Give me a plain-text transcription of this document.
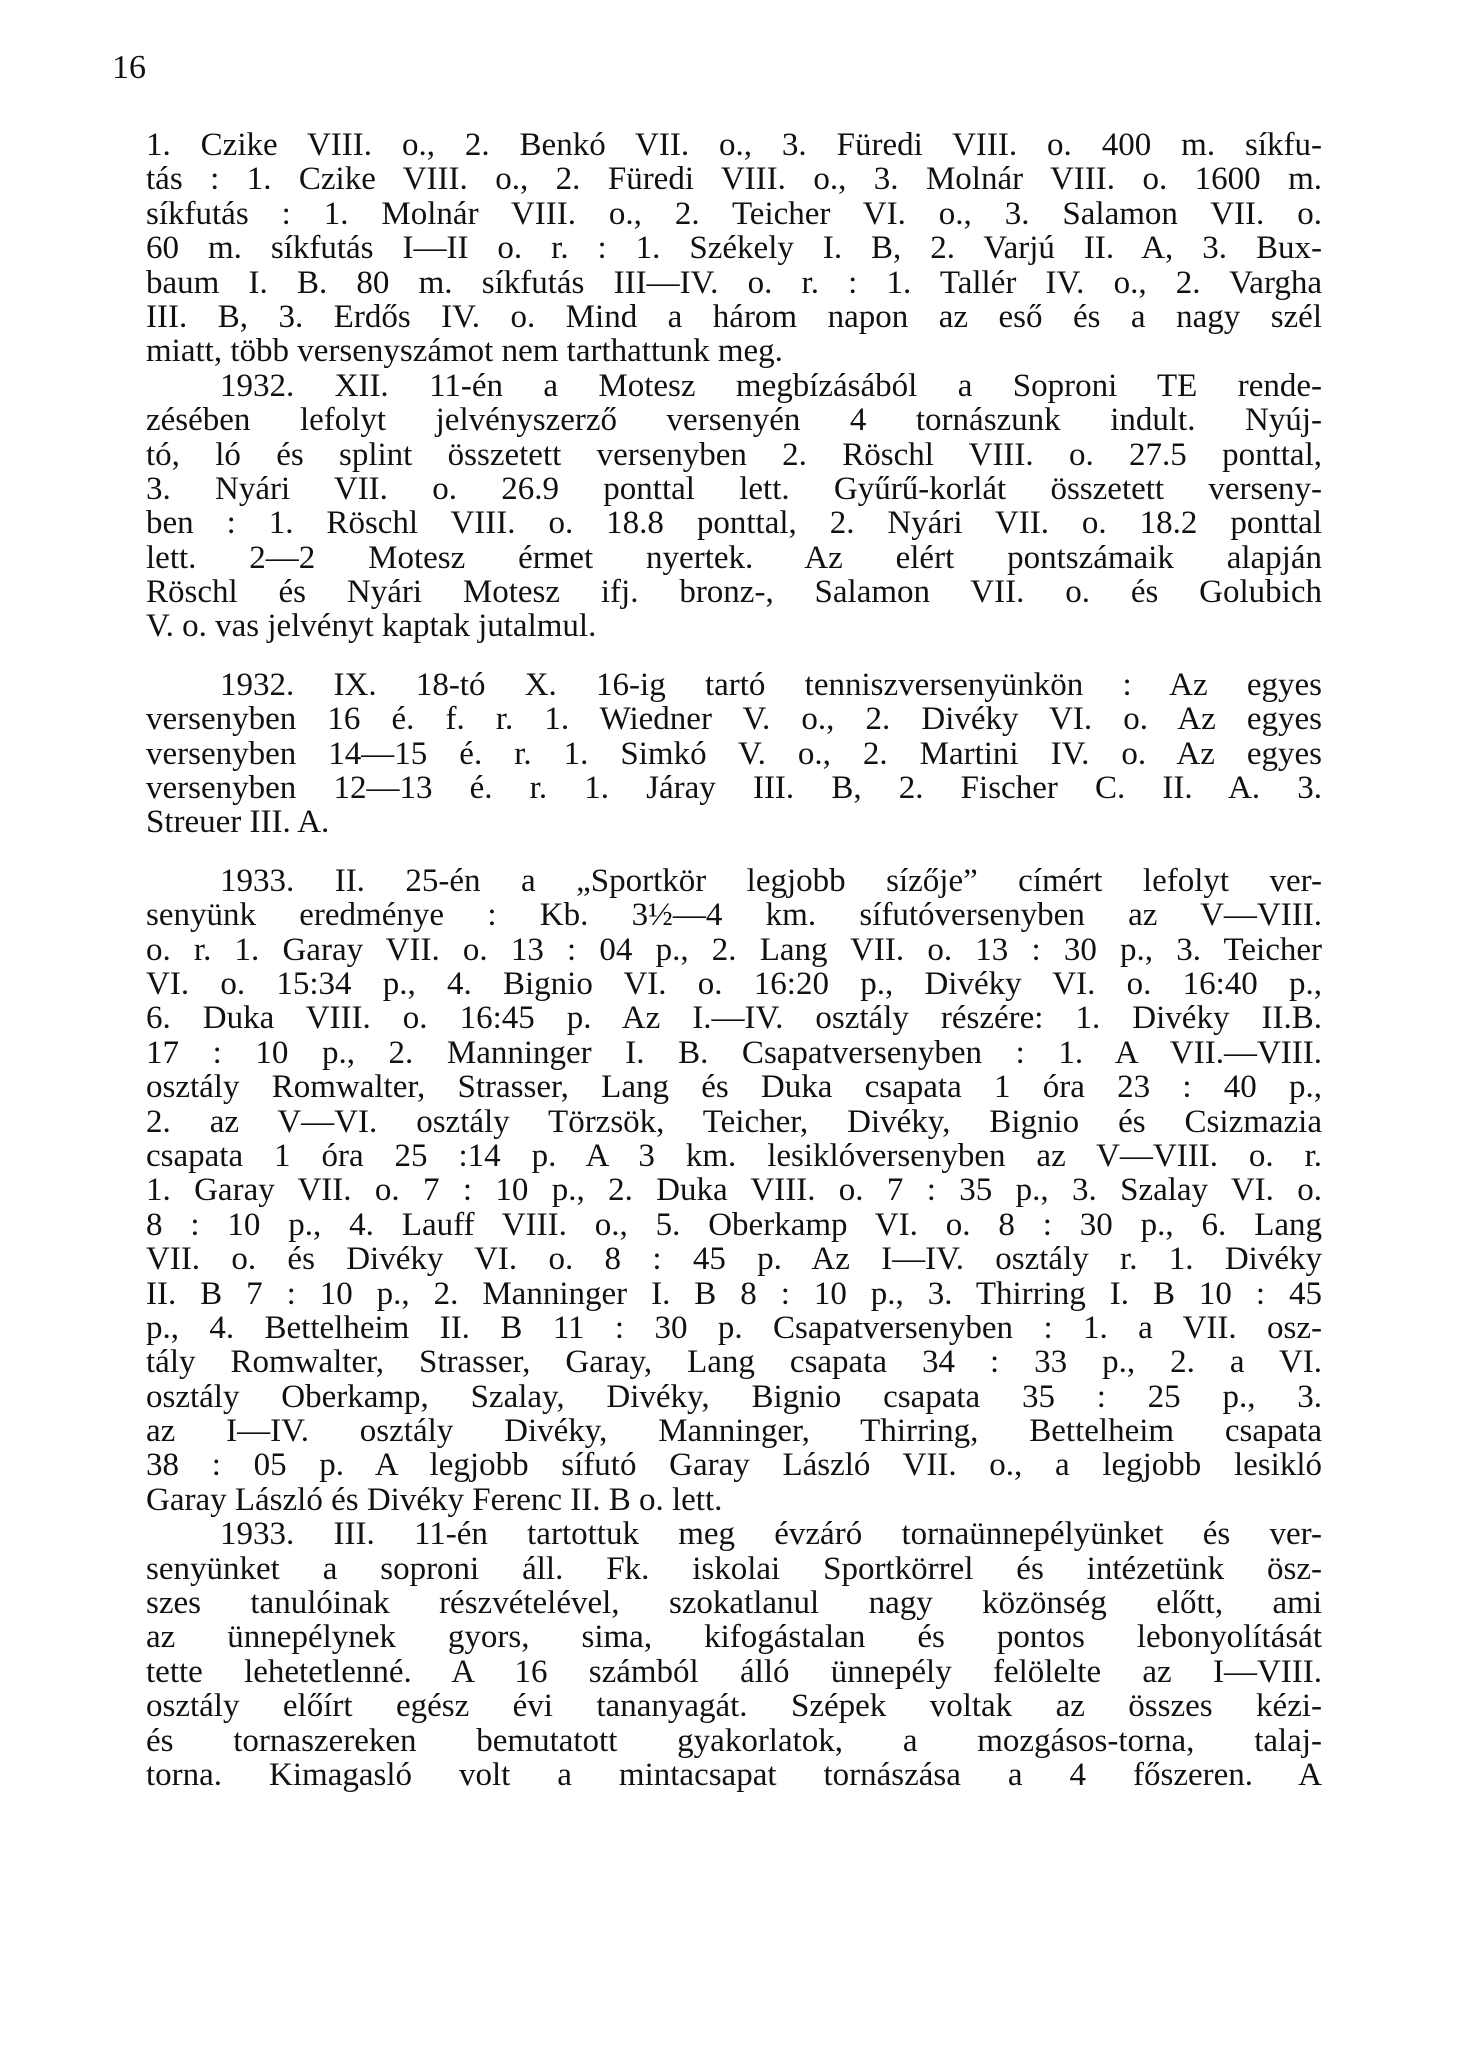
16
1. Czike VIII. o., 2. Benkó VII. o., 3. Füredi VIII. o. 400 m. síkfu-
tás : 1. Czike VIII. o., 2. Füredi VIII. o., 3. Molnár VIII. o. 1600 m.
síkfutás : 1. Molnár VIII. o., 2. Teicher VI. o., 3. Salamon VII. o.
60 m. síkfutás I—II o. r. : 1. Székely I. B, 2. Varjú II. A, 3. Bux-
baum I. B. 80 m. síkfutás III—IV. o. r. : 1. Tallér IV. o., 2. Vargha
III. B, 3. Erdős IV. o. Mind a három napon az eső és a nagy szél
miatt, több versenyszámot nem tarthattunk meg.
1932. XII. 11-én a Motesz megbízásából a Soproni TE rende-
zésében lefolyt jelvényszerző versenyén 4 tornászunk indult. Nyúj-
tó, ló és splint összetett versenyben 2. Röschl VIII. o. 27.5 ponttal,
3. Nyári VII. o. 26.9 ponttal lett. Gyűrű-korlát összetett verseny-
ben : 1. Röschl VIII. o. 18.8 ponttal, 2. Nyári VII. o. 18.2 ponttal
lett. 2—2 Motesz érmet nyertek. Az elért pontszámaik alapján
Röschl és Nyári Motesz ifj. bronz-, Salamon VII. o. és Golubich
V. o. vas jelvényt kaptak jutalmul.
1932. IX. 18-tó X. 16-ig tartó tenniszversenyünkön : Az egyes
versenyben 16 é. f. r. 1. Wiedner V. o., 2. Divéky VI. o. Az egyes
versenyben 14—15 é. r. 1. Simkó V. o., 2. Martini IV. o. Az egyes
versenyben 12—13 é. r. 1. Járay III. B, 2. Fischer C. II. A. 3.
Streuer III. A.
1933. II. 25-én a „Sportkör legjobb sízője” címért lefolyt ver-
senyünk eredménye : Kb. 3½—4 km. sífutóversenyben az V—VIII.
o. r. 1. Garay VII. o. 13 : 04 p., 2. Lang VII. o. 13 : 30 p., 3. Teicher
VI. o. 15:34 p., 4. Bignio VI. o. 16:20 p., Divéky VI. o. 16:40 p.,
6. Duka VIII. o. 16:45 p. Az I.—IV. osztály részére: 1. Divéky II.B.
17 : 10 p., 2. Manninger I. B. Csapatversenyben : 1. A VII.—VIII.
osztály Romwalter, Strasser, Lang és Duka csapata 1 óra 23 : 40 p.,
2. az V—VI. osztály Törzsök, Teicher, Divéky, Bignio és Csizmazia
csapata 1 óra 25 :14 p. A 3 km. lesiklóversenyben az V—VIII. o. r.
1. Garay VII. o. 7 : 10 p., 2. Duka VIII. o. 7 : 35 p., 3. Szalay VI. o.
8 : 10 p., 4. Lauff VIII. o., 5. Oberkamp VI. o. 8 : 30 p., 6. Lang
VII. o. és Divéky VI. o. 8 : 45 p. Az I—IV. osztály r. 1. Divéky
II. B 7 : 10 p., 2. Manninger I. B 8 : 10 p., 3. Thirring I. B 10 : 45
p., 4. Bettelheim II. B 11 : 30 p. Csapatversenyben : 1. a VII. osz-
tály Romwalter, Strasser, Garay, Lang csapata 34 : 33 p., 2. a VI.
osztály Oberkamp, Szalay, Divéky, Bignio csapata 35 : 25 p., 3.
az I—IV. osztály Divéky, Manninger, Thirring, Bettelheim csapata
38 : 05 p. A legjobb sífutó Garay László VII. o., a legjobb lesikló
Garay László és Divéky Ferenc II. B o. lett.
1933. III. 11-én tartottuk meg évzáró tornaünnepélyünket és ver-
senyünket a soproni áll. Fk. iskolai Sportkörrel és intézetünk ösz-
szes tanulóinak részvételével, szokatlanul nagy közönség előtt, ami
az ünnepélynek gyors, sima, kifogástalan és pontos lebonyolítását
tette lehetetlenné. A 16 számból álló ünnepély felölelte az I—VIII.
osztály előírt egész évi tananyagát. Szépek voltak az összes kézi-
és tornaszereken bemutatott gyakorlatok, a mozgásos-torna, talaj-
torna. Kimagasló volt a mintacsapat tornászása a 4 főszeren. A
